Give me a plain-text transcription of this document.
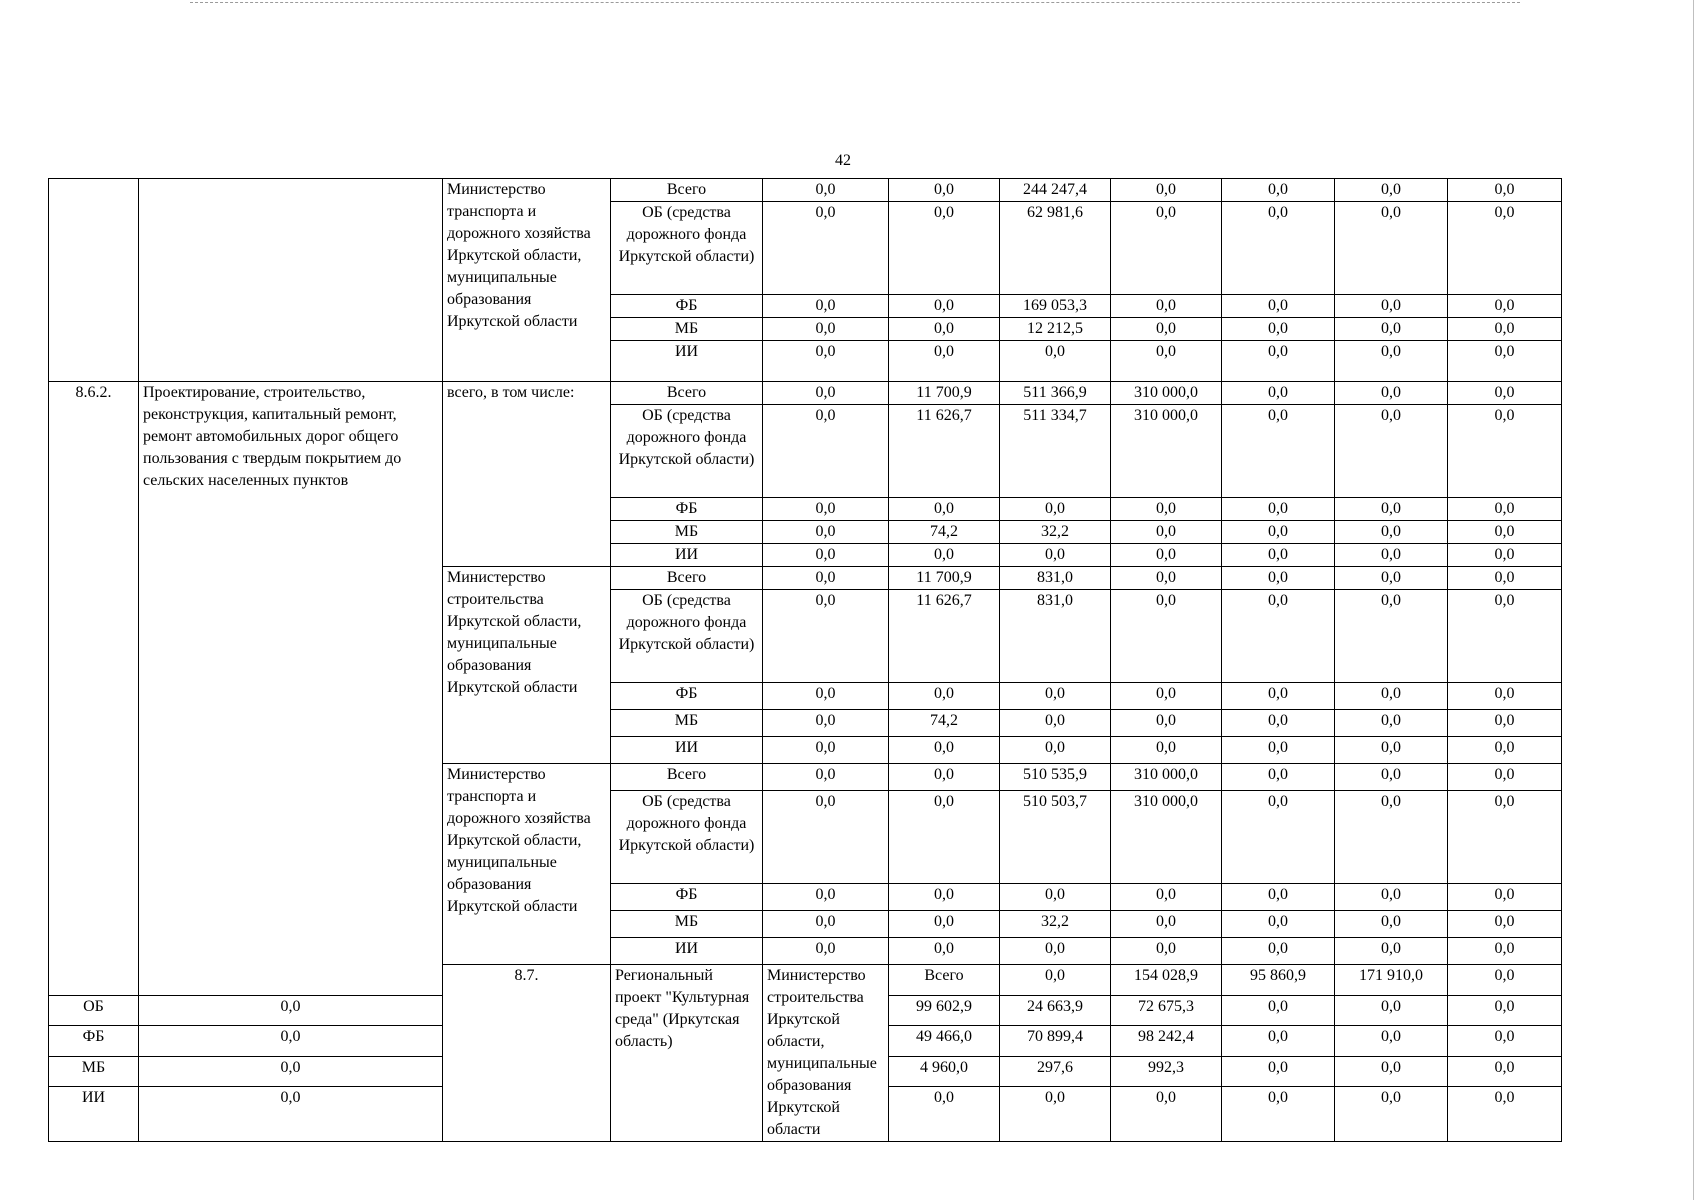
42
		Министерство транспорта и дорожного хозяйства Иркутской области, муниципальные образования Иркутской области	Всего	0,0	0,0	244 247,4	0,0	0,0	0,0	0,0	
			ОБ (средства дорожного фонда Иркутской области)	0,0	0,0	62 981,6	0,0	0,0	0,0	0,0	
			ФБ	0,0	0,0	169 053,3	0,0	0,0	0,0	0,0	
			МБ	0,0	0,0	12 212,5	0,0	0,0	0,0	0,0	
			ИИ	0,0	0,0	0,0	0,0	0,0	0,0	0,0	
8.6.2.	Проектирование, строительство, реконструкция, капитальный ремонт, ремонт автомобильных дорог общего пользования с твердым покрытием до сельских населенных пунктов	всего, в том числе:	Всего	0,0	11 700,9	511 366,9	310 000,0	0,0	0,0	0,0	
			ОБ (средства дорожного фонда Иркутской области)	0,0	11 626,7	511 334,7	310 000,0	0,0	0,0	0,0	
			ФБ	0,0	0,0	0,0	0,0	0,0	0,0	0,0	
			МБ	0,0	74,2	32,2	0,0	0,0	0,0	0,0	
			ИИ	0,0	0,0	0,0	0,0	0,0	0,0	0,0	
		Министерство строительства Иркутской области, муниципальные образования Иркутской области	Всего	0,0	11 700,9	831,0	0,0	0,0	0,0	0,0	
			ОБ (средства дорожного фонда Иркутской области)	0,0	11 626,7	831,0	0,0	0,0	0,0	0,0	
			ФБ	0,0	0,0	0,0	0,0	0,0	0,0	0,0	
			МБ	0,0	74,2	0,0	0,0	0,0	0,0	0,0	
			ИИ	0,0	0,0	0,0	0,0	0,0	0,0	0,0	
		Министерство транспорта и дорожного хозяйства Иркутской области, муниципальные образования Иркутской области	Всего	0,0	0,0	510 535,9	310 000,0	0,0	0,0	0,0	
			ОБ (средства дорожного фонда Иркутской области)	0,0	0,0	510 503,7	310 000,0	0,0	0,0	0,0	
			ФБ	0,0	0,0	0,0	0,0	0,0	0,0	0,0	
			МБ	0,0	0,0	32,2	0,0	0,0	0,0	0,0	
			ИИ	0,0	0,0	0,0	0,0	0,0	0,0	0,0	
		8.7.	Региональный проект "Культурная среда" (Иркутская область)	Министерство строительства Иркутской области, муниципальные образования Иркутской области	Всего	0,0	154 028,9	95 860,9	171 910,0	0,0		
ОБ	0,0				99 602,9	24 663,9	72 675,3	0,0	0,0	0,0	
ФБ	0,0				49 466,0	70 899,4	98 242,4	0,0	0,0	0,0	
МБ	0,0				4 960,0	297,6	992,3	0,0	0,0	0,0	
ИИ	0,0				0,0	0,0	0,0	0,0	0,0	0,0	
